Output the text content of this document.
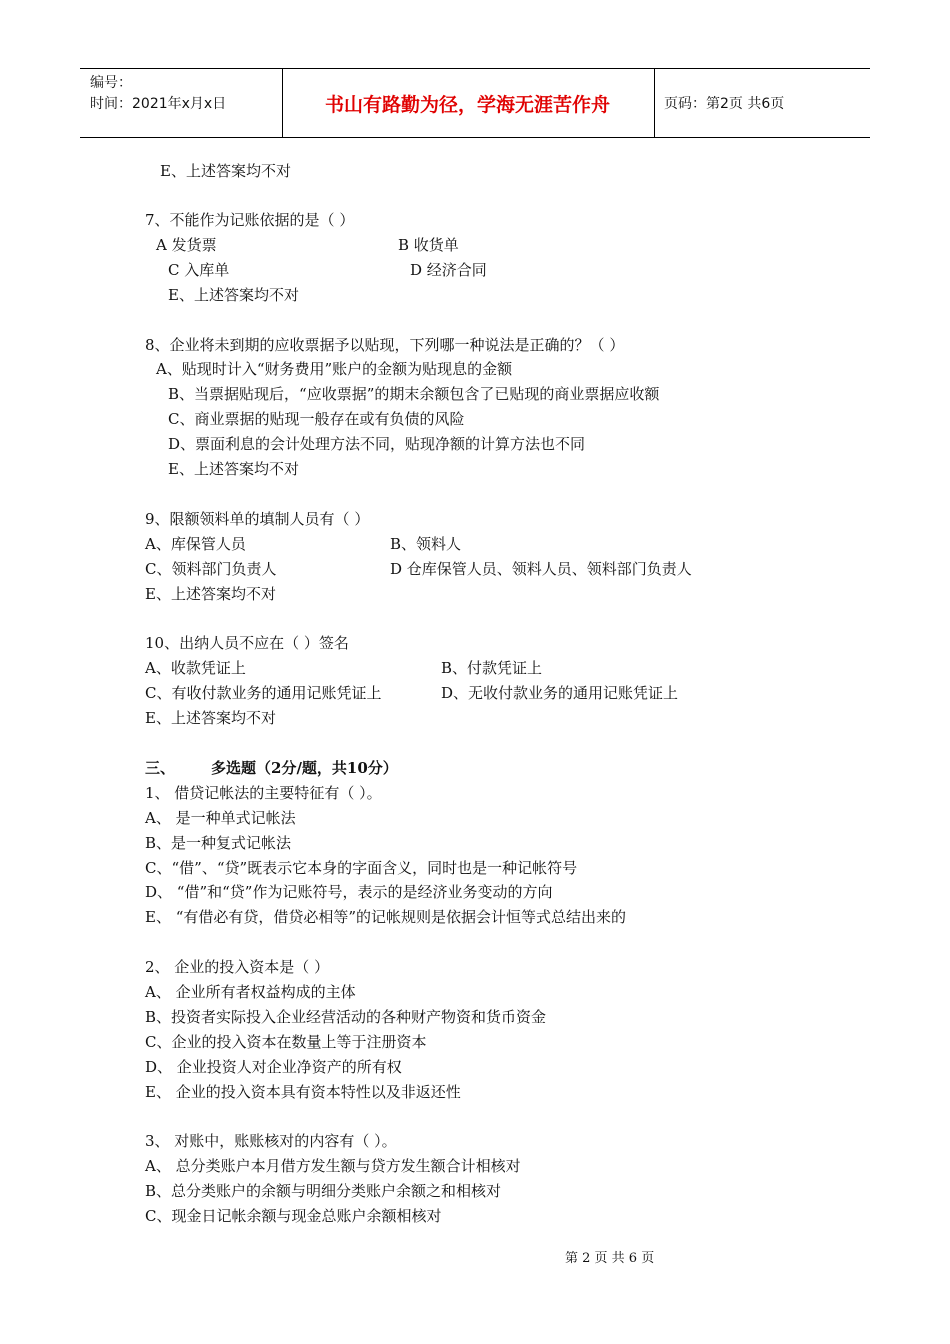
编号：
时间：2021年x月x日	书山有路勤为径，学海无涯苦作舟	页码：第2页 共6页
E、上述答案均不对
7、不能作为记账依据的是（ ）
A 发货票	B 收货单
C 入库单	D 经济合同
E、上述答案均不对
8、企业将未到期的应收票据予以贴现，下列哪一种说法是正确的？（ ）
A、贴现时计入“财务费用”账户的金额为贴现息的金额
B、当票据贴现后，“应收票据”的期末余额包含了已贴现的商业票据应收额
C、商业票据的贴现一般存在或有负债的风险
D、票面利息的会计处理方法不同，贴现净额的计算方法也不同
E、上述答案均不对
9、限额领料单的填制人员有（ ）
A、库保管人员	B、领料人
C、领料部门负责人	D 仓库保管人员、领料人员、领料部门负责人
E、上述答案均不对
10、出纳人员不应在（ ）签名
A、收款凭证上	B、付款凭证上
C、有收付款业务的通用记账凭证上	D、无收付款业务的通用记账凭证上
E、上述答案均不对
三、 多选题（2分/题，共10分）
1、 借贷记帐法的主要特征有（ ）。
A、 是一种单式记帐法
B、是一种复式记帐法
C、“借”、“贷”既表示它本身的字面含义，同时也是一种记帐符号
D、 “借”和“贷”作为记账符号，表示的是经济业务变动的方向
E、 “有借必有贷，借贷必相等”的记帐规则是依据会计恒等式总结出来的
2、 企业的投入资本是（ ）
A、 企业所有者权益构成的主体
B、投资者实际投入企业经营活动的各种财产物资和货币资金
C、企业的投入资本在数量上等于注册资本
D、 企业投资人对企业净资产的所有权
E、 企业的投入资本具有资本特性以及非返还性
3、 对账中，账账核对的内容有（ ）。
A、 总分类账户本月借方发生额与贷方发生额合计相核对
B、总分类账户的余额与明细分类账户余额之和相核对
C、现金日记帐余额与现金总账户余额相核对
第 2 页 共 6 页
